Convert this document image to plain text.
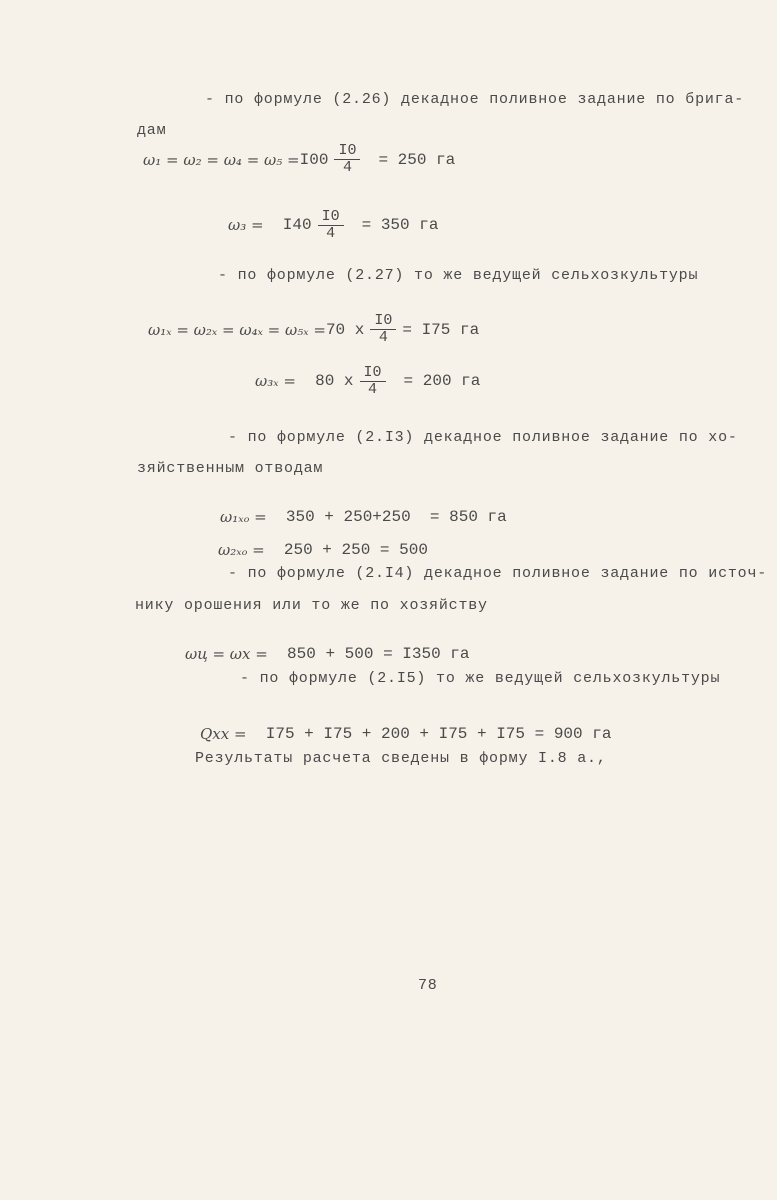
- по формуле (2.26) декадное поливное задание по брига-
дам
$\omega_1 = \omega_2 = \omega_4 = \omega_5 = I00 \frac{I0}{4} = 250$ га
ω₃ =

$I40 \frac{I0}{4} = 350$ га
- по формуле (2.27) то же ведущей сельхозкультуры
ω₁ₓ = ω₂ₓ = ω₄ₓ = ω₅ₓ = 70 x $\frac{I0}{4} = I75$ га
ω₃ₓ =

80 x $\frac{I0}{4} = 200$ га
- по формуле (2.I3) декадное поливное задание по хо-
зяйственным отводам
ω₁ₓₒ =

350 + 250+250  = 850 га
ω₂ₓₒ =

250 + 250 = 500
- по формуле (2.I4) декадное поливное задание по источ-
нику орошения или то же по хозяйству
ωц = ωх =

850 + 500 = I350 га
- по формуле (2.I5) то же ведущей сельхозкультуры
Qхх =

I75 + I75 + 200 + I75 + I75 = 900 га
Результаты расчета сведены в форму I.8 а.,
78
